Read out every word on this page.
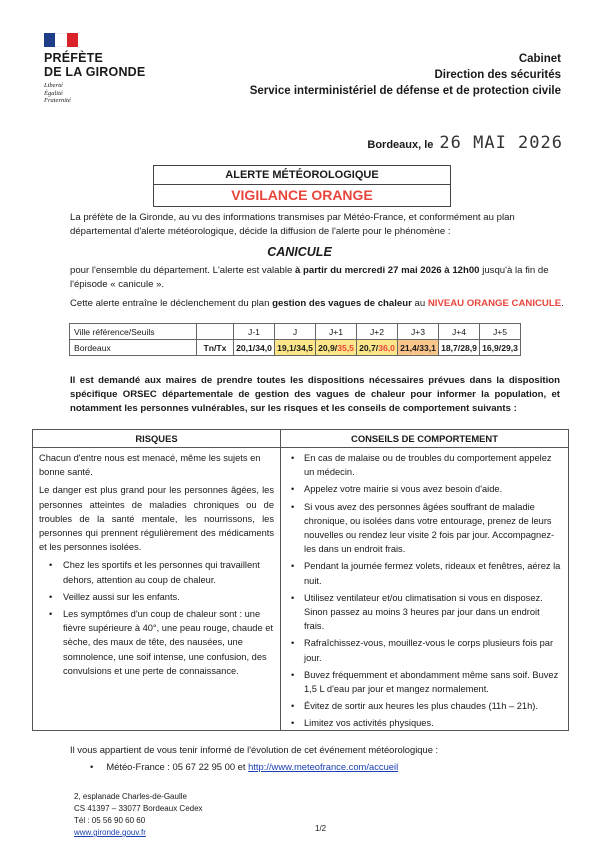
PRÉFÈTE
DE LA GIRONDE
Liberté
Égalité
Fraternité
Cabinet
Direction des sécurités
Service interministériel de défense et de protection civile
Bordeaux, le 26 MAI 2026
ALERTE MÉTÉOROLOGIQUE
VIGILANCE ORANGE
La préfète de la Gironde, au vu des informations transmises par Météo-France, et conformément au plan départemental d'alerte météorologique, décide la diffusion de l'alerte pour le phénomène :
CANICULE
pour l'ensemble du département. L'alerte est valable à partir du mercredi 27 mai 2026 à 12h00 jusqu'à la fin de l'épisode « canicule ».
Cette alerte entraîne le déclenchement du plan gestion des vagues de chaleur au NIVEAU ORANGE CANICULE.
Ville référence/Seuils		J-1	J	J+1	J+2	J+3	J+4	J+5
Bordeaux	Tn/Tx	20,1/34,0	19,1/34,5	20,9/35,5	20,7/36,0	21,4/33,1	18,7/28,9	16,9/29,3
Il est demandé aux maires de prendre toutes les dispositions nécessaires prévues dans la disposition spécifique ORSEC départementale de gestion des vagues de chaleur pour informer la population, et notamment les personnes vulnérables, sur les risques et les conseils de comportement suivants :
RISQUES

Chacun d'entre nous est menacé, même les sujets en bonne santé.

Le danger est plus grand pour les personnes âgées, les personnes atteintes de maladies chroniques ou de troubles de la santé mentale, les nourrissons, les personnes qui prennent régulièrement des médicaments et les personnes isolées.

• Chez les sportifs et les personnes qui travaillent dehors, attention au coup de chaleur.
• Veillez aussi sur les enfants.
• Les symptômes d'un coup de chaleur sont : une fièvre supérieure à 40°, une peau rouge, chaude et sèche, des maux de tête, des nausées, une somnolence, une soif intense, une confusion, des convulsions et une perte de connaissance.
CONSEILS DE COMPORTEMENT
• En cas de malaise ou de troubles du comportement appelez un médecin.
• Appelez votre mairie si vous avez besoin d'aide.
• Si vous avez des personnes âgées souffrant de maladie chronique, ou isolées dans votre entourage, prenez de leurs nouvelles ou rendez leur visite 2 fois par jour. Accompagnez-les dans un endroit frais.
• Pendant la journée fermez volets, rideaux et fenêtres, aérez la nuit.
• Utilisez ventilateur et/ou climatisation si vous en disposez. Sinon passez au moins 3 heures par jour dans un endroit frais.
• Rafraîchissez-vous, mouillez-vous le corps plusieurs fois par jour.
• Buvez fréquemment et abondamment même sans soif. Buvez 1,5 L d'eau par jour et mangez normalement.
• Évitez de sortir aux heures les plus chaudes (11h – 21h).
• Limitez vos activités physiques.
Il vous appartient de vous tenir informé de l'évolution de cet événement météorologique :
• Météo-France : 05 67 22 95 00 et http://www.meteofrance.com/accueil
2, esplanade Charles-de-Gaulle
CS 41397 – 33077 Bordeaux Cedex
Tél : 05 56 90 60 60
www.gironde.gouv.fr	1/2
